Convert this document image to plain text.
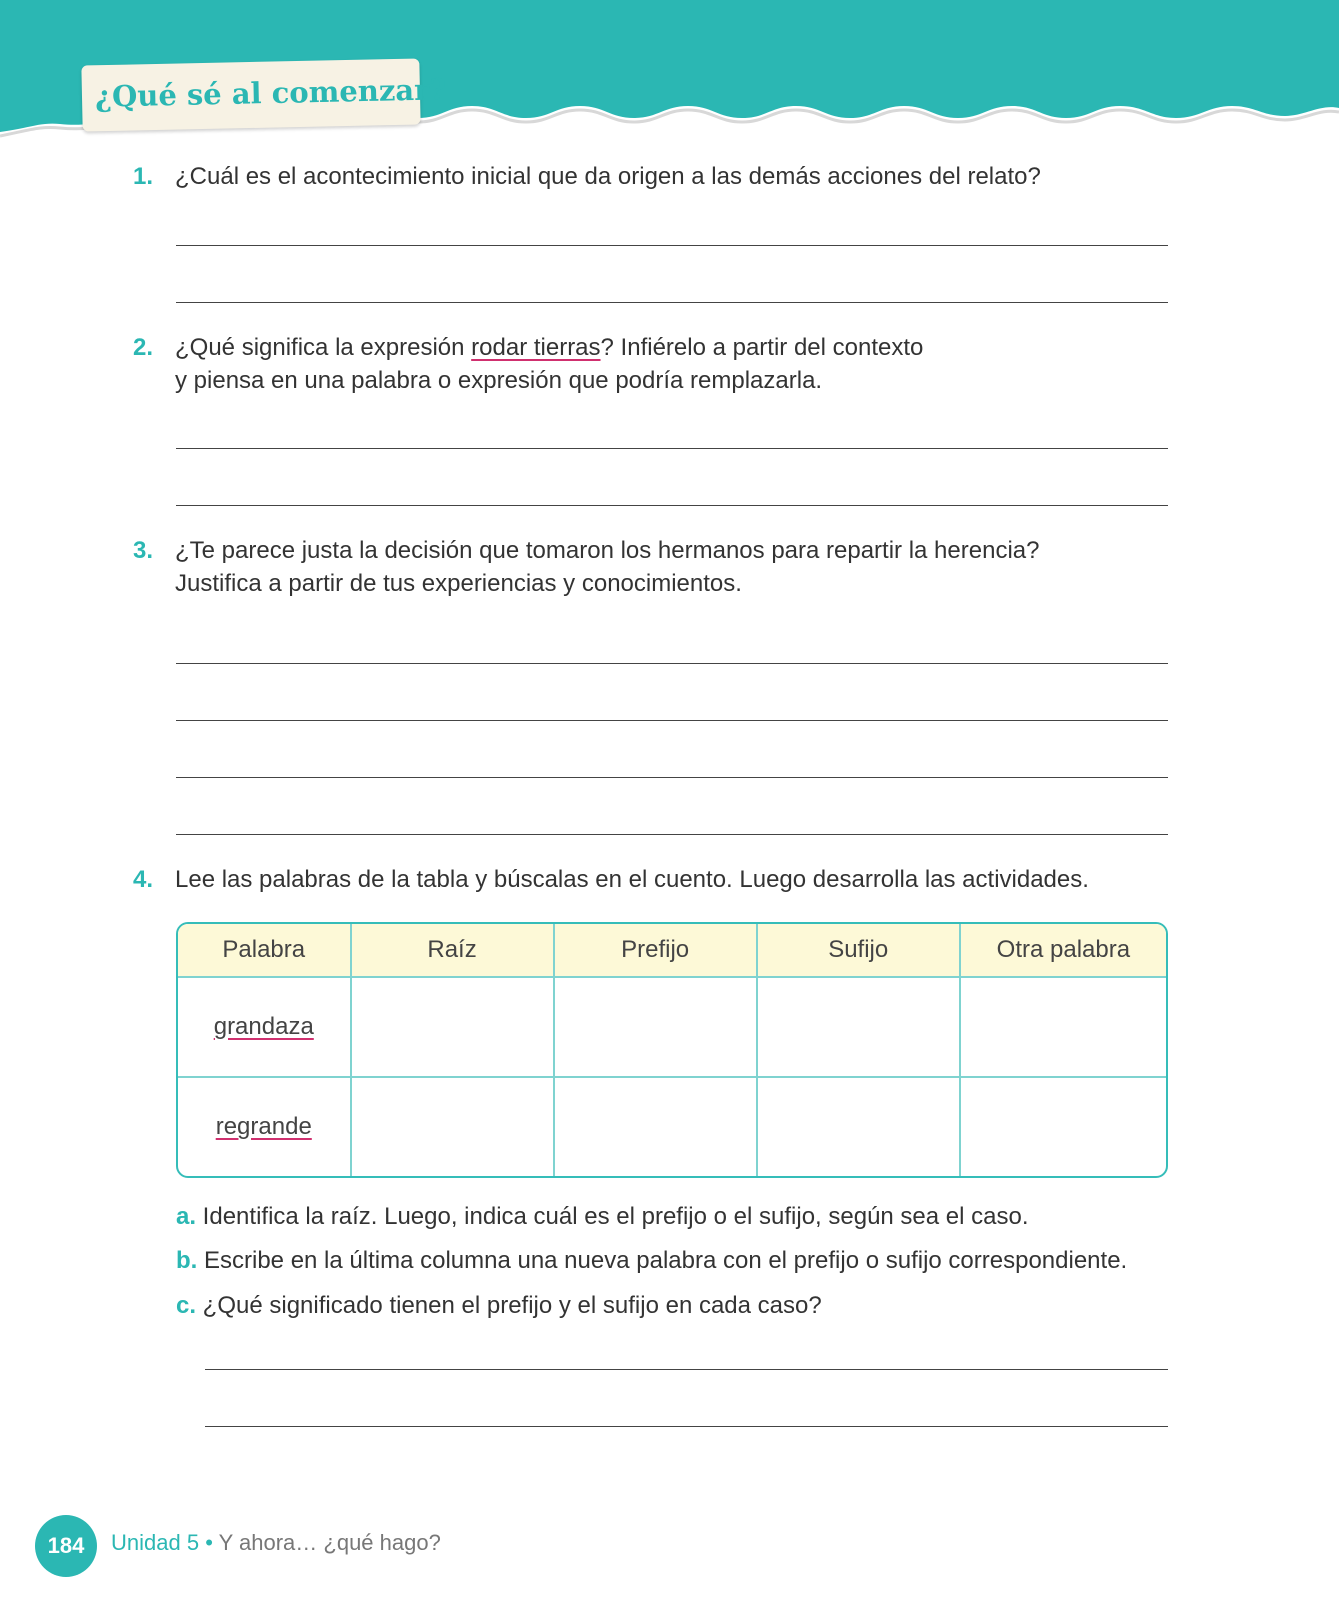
¿Qué sé al comenzar?
1. ¿Cuál es el acontecimiento inicial que da origen a las demás acciones del relato?
2. ¿Qué significa la expresión rodar tierras? Infiérelo a partir del contexto
y piensa en una palabra o expresión que podría remplazarla.
3. ¿Te parece justa la decisión que tomaron los hermanos para repartir la herencia?
Justifica a partir de tus experiencias y conocimientos.
4. Lee las palabras de la tabla y búscalas en el cuento. Luego desarrolla las actividades.
Palabra	Raíz	Prefijo	Sufijo	Otra palabra
grandaza				
regrande				
a. Identifica la raíz. Luego, indica cuál es el prefijo o el sufijo, según sea el caso.
b. Escribe en la última columna una nueva palabra con el prefijo o sufijo correspondiente.
c. ¿Qué significado tienen el prefijo y el sufijo en cada caso?
184	Unidad 5 • Y ahora… ¿qué hago?
